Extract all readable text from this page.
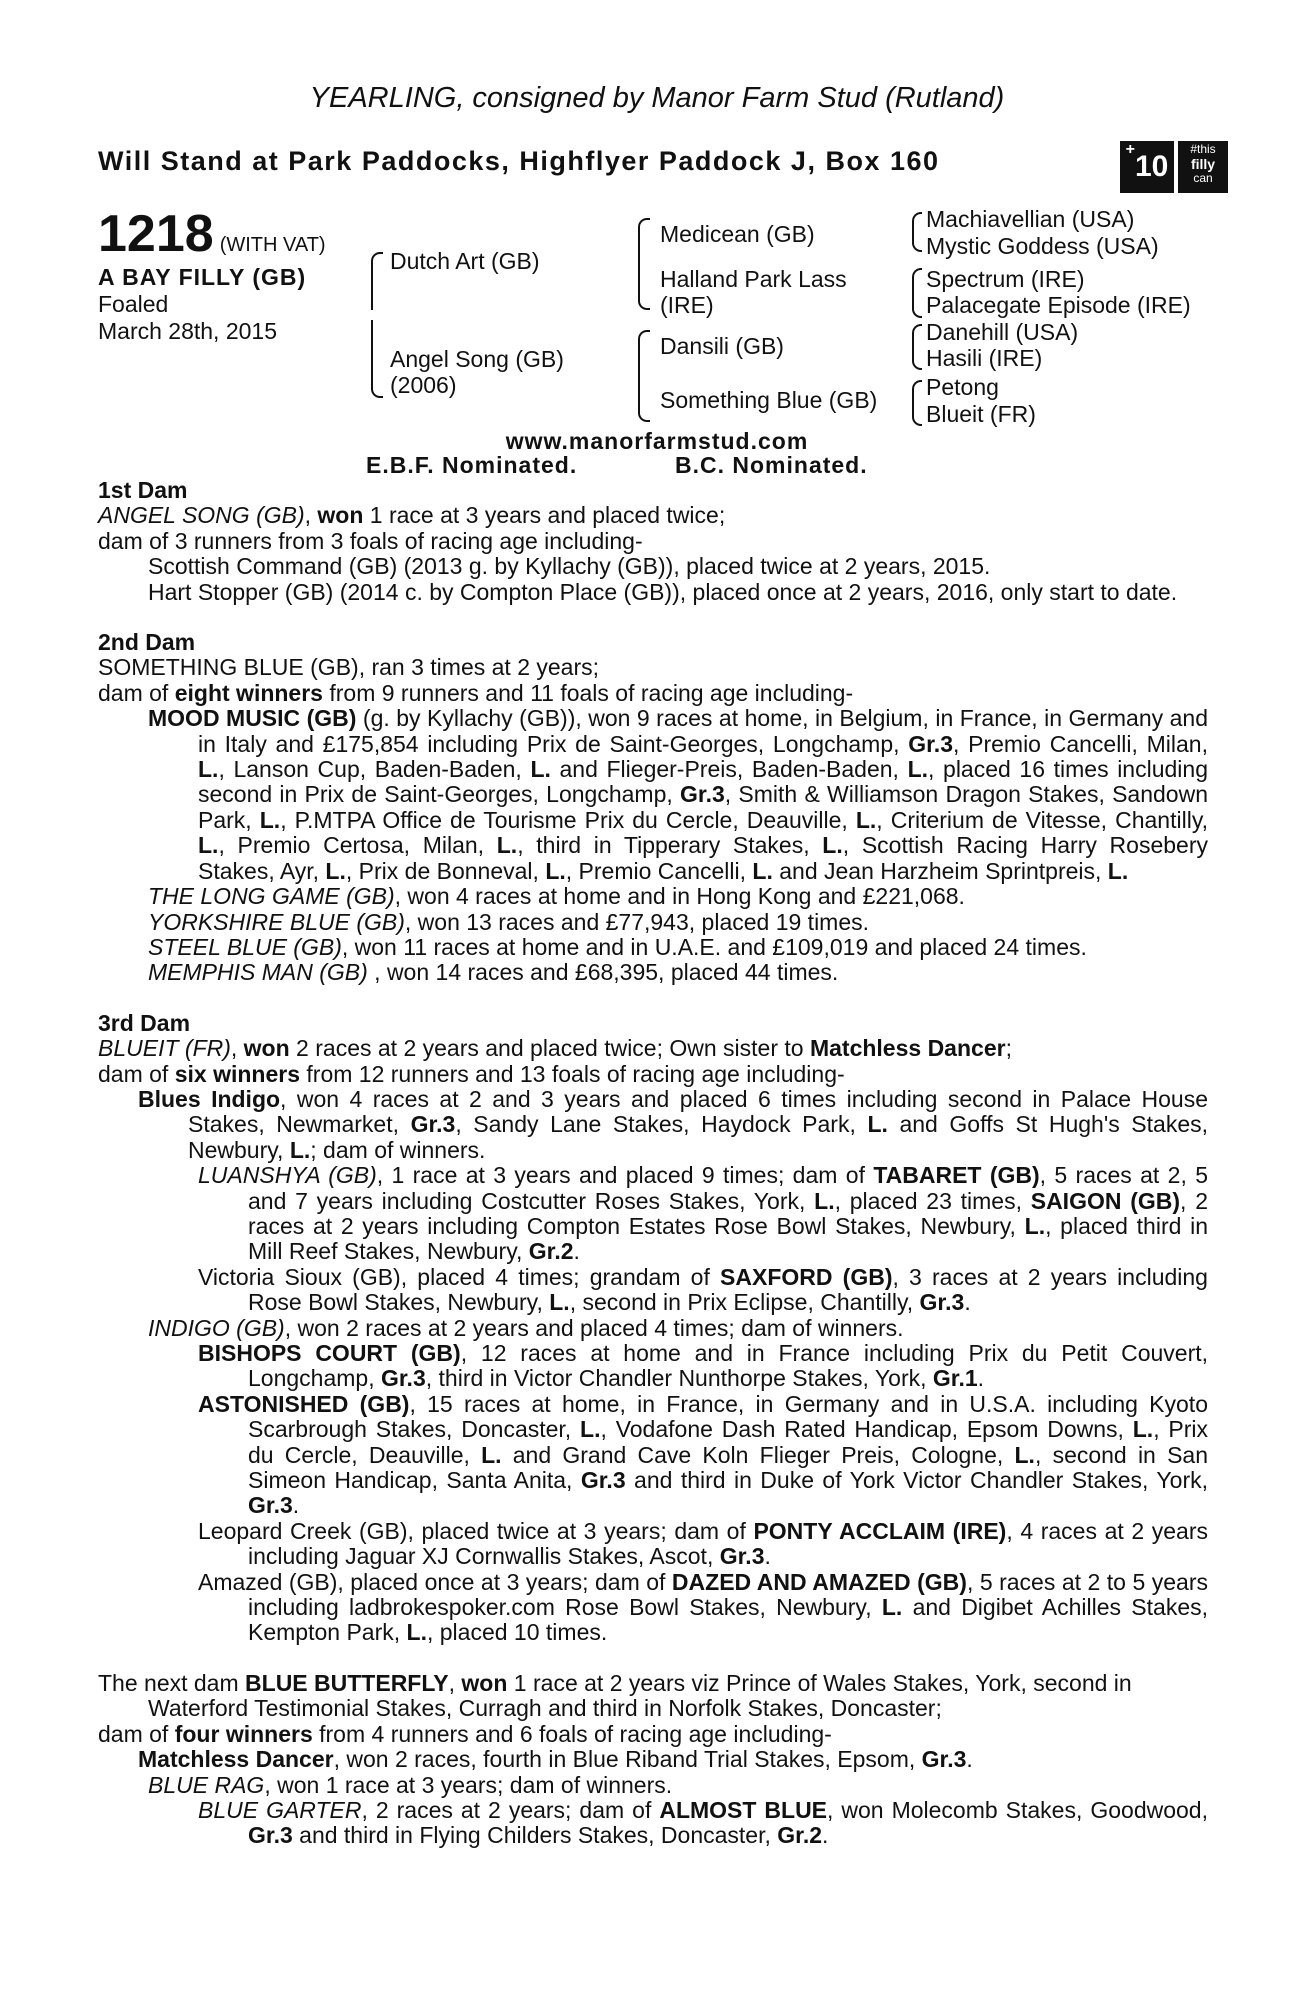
YEARLING, consigned by Manor Farm Stud (Rutland)
Will Stand at Park Paddocks, Highflyer Paddock J, Box 160	+10
#this
filly
can
1218 (WITH VAT)
A BAY FILLY (GB)
Foaled
March 28th, 2015
Dutch Art (GB)
Angel Song (GB)
(2006)
Medicean (GB)
Halland Park Lass
(IRE)
Dansili (GB)
Something Blue (GB)
Machiavellian (USA)
Mystic Goddess (USA)
Spectrum (IRE)
Palacegate Episode (IRE)
Danehill (USA)
Hasili (IRE)
Petong
Blueit (FR)
www.manorfarmstud.com
E.B.F. Nominated.	B.C. Nominated.

1st Dam

ANGEL SONG (GB), won 1 race at 3 years and placed twice;

dam of 3 runners from 3 foals of racing age including-

Scottish Command (GB) (2013 g. by Kyllachy (GB)), placed twice at 2 years, 2015.

Hart Stopper (GB) (2014 c. by Compton Place (GB)), placed once at 2 years, 2016, only start to date.

2nd Dam

SOMETHING BLUE (GB), ran 3 times at 2 years;

dam of eight winners from 9 runners and 11 foals of racing age including-

MOOD MUSIC (GB) (g. by Kyllachy (GB)), won 9 races at home, in Belgium, in France, in Germany and in Italy and £175,854 including Prix de Saint-Georges, Longchamp, Gr.3, Premio Cancelli, Milan, L., Lanson Cup, Baden-Baden, L. and Flieger-Preis, Baden-Baden, L., placed 16 times including second in Prix de Saint-Georges, Longchamp, Gr.3, Smith & Williamson Dragon Stakes, Sandown Park, L., P.MTPA Office de Tourisme Prix du Cercle, Deauville, L., Criterium de Vitesse, Chantilly, L., Premio Certosa, Milan, L., third in Tipperary Stakes, L., Scottish Racing Harry Rosebery Stakes, Ayr, L., Prix de Bonneval, L., Premio Cancelli, L. and Jean Harzheim Sprintpreis, L.

THE LONG GAME (GB), won 4 races at home and in Hong Kong and £221,068.

YORKSHIRE BLUE (GB), won 13 races and £77,943, placed 19 times.

STEEL BLUE (GB), won 11 races at home and in U.A.E. and £109,019 and placed 24 times.

MEMPHIS MAN (GB) , won 14 races and £68,395, placed 44 times.

3rd Dam

BLUEIT (FR), won 2 races at 2 years and placed twice; Own sister to Matchless Dancer;

dam of six winners from 12 runners and 13 foals of racing age including-

Blues Indigo, won 4 races at 2 and 3 years and placed 6 times including second in Palace House Stakes, Newmarket, Gr.3, Sandy Lane Stakes, Haydock Park, L. and Goffs St Hugh's Stakes, Newbury, L.; dam of winners.

LUANSHYA (GB), 1 race at 3 years and placed 9 times; dam of TABARET (GB), 5 races at 2, 5 and 7 years including Costcutter Roses Stakes, York, L., placed 23 times, SAIGON (GB), 2 races at 2 years including Compton Estates Rose Bowl Stakes, Newbury, L., placed third in Mill Reef Stakes, Newbury, Gr.2.

Victoria Sioux (GB), placed 4 times; grandam of SAXFORD (GB), 3 races at 2 years including Rose Bowl Stakes, Newbury, L., second in Prix Eclipse, Chantilly, Gr.3.

INDIGO (GB), won 2 races at 2 years and placed 4 times; dam of winners.

BISHOPS COURT (GB), 12 races at home and in France including Prix du Petit Couvert, Longchamp, Gr.3, third in Victor Chandler Nunthorpe Stakes, York, Gr.1.

ASTONISHED (GB), 15 races at home, in France, in Germany and in U.S.A. including Kyoto Scarbrough Stakes, Doncaster, L., Vodafone Dash Rated Handicap, Epsom Downs, L., Prix du Cercle, Deauville, L. and Grand Cave Koln Flieger Preis, Cologne, L., second in San Simeon Handicap, Santa Anita, Gr.3 and third in Duke of York Victor Chandler Stakes, York, Gr.3.

Leopard Creek (GB), placed twice at 3 years; dam of PONTY ACCLAIM (IRE), 4 races at 2 years including Jaguar XJ Cornwallis Stakes, Ascot, Gr.3.

Amazed (GB), placed once at 3 years; dam of DAZED AND AMAZED (GB), 5 races at 2 to 5 years including ladbrokespoker.com Rose Bowl Stakes, Newbury, L. and Digibet Achilles Stakes, Kempton Park, L., placed 10 times.

The next dam BLUE BUTTERFLY, won 1 race at 2 years viz Prince of Wales Stakes, York, second in Waterford Testimonial Stakes, Curragh and third in Norfolk Stakes, Doncaster;

dam of four winners from 4 runners and 6 foals of racing age including-

Matchless Dancer, won 2 races, fourth in Blue Riband Trial Stakes, Epsom, Gr.3.

BLUE RAG, won 1 race at 3 years; dam of winners.

BLUE GARTER, 2 races at 2 years; dam of ALMOST BLUE, won Molecomb Stakes, Goodwood, Gr.3 and third in Flying Childers Stakes, Doncaster, Gr.2.
